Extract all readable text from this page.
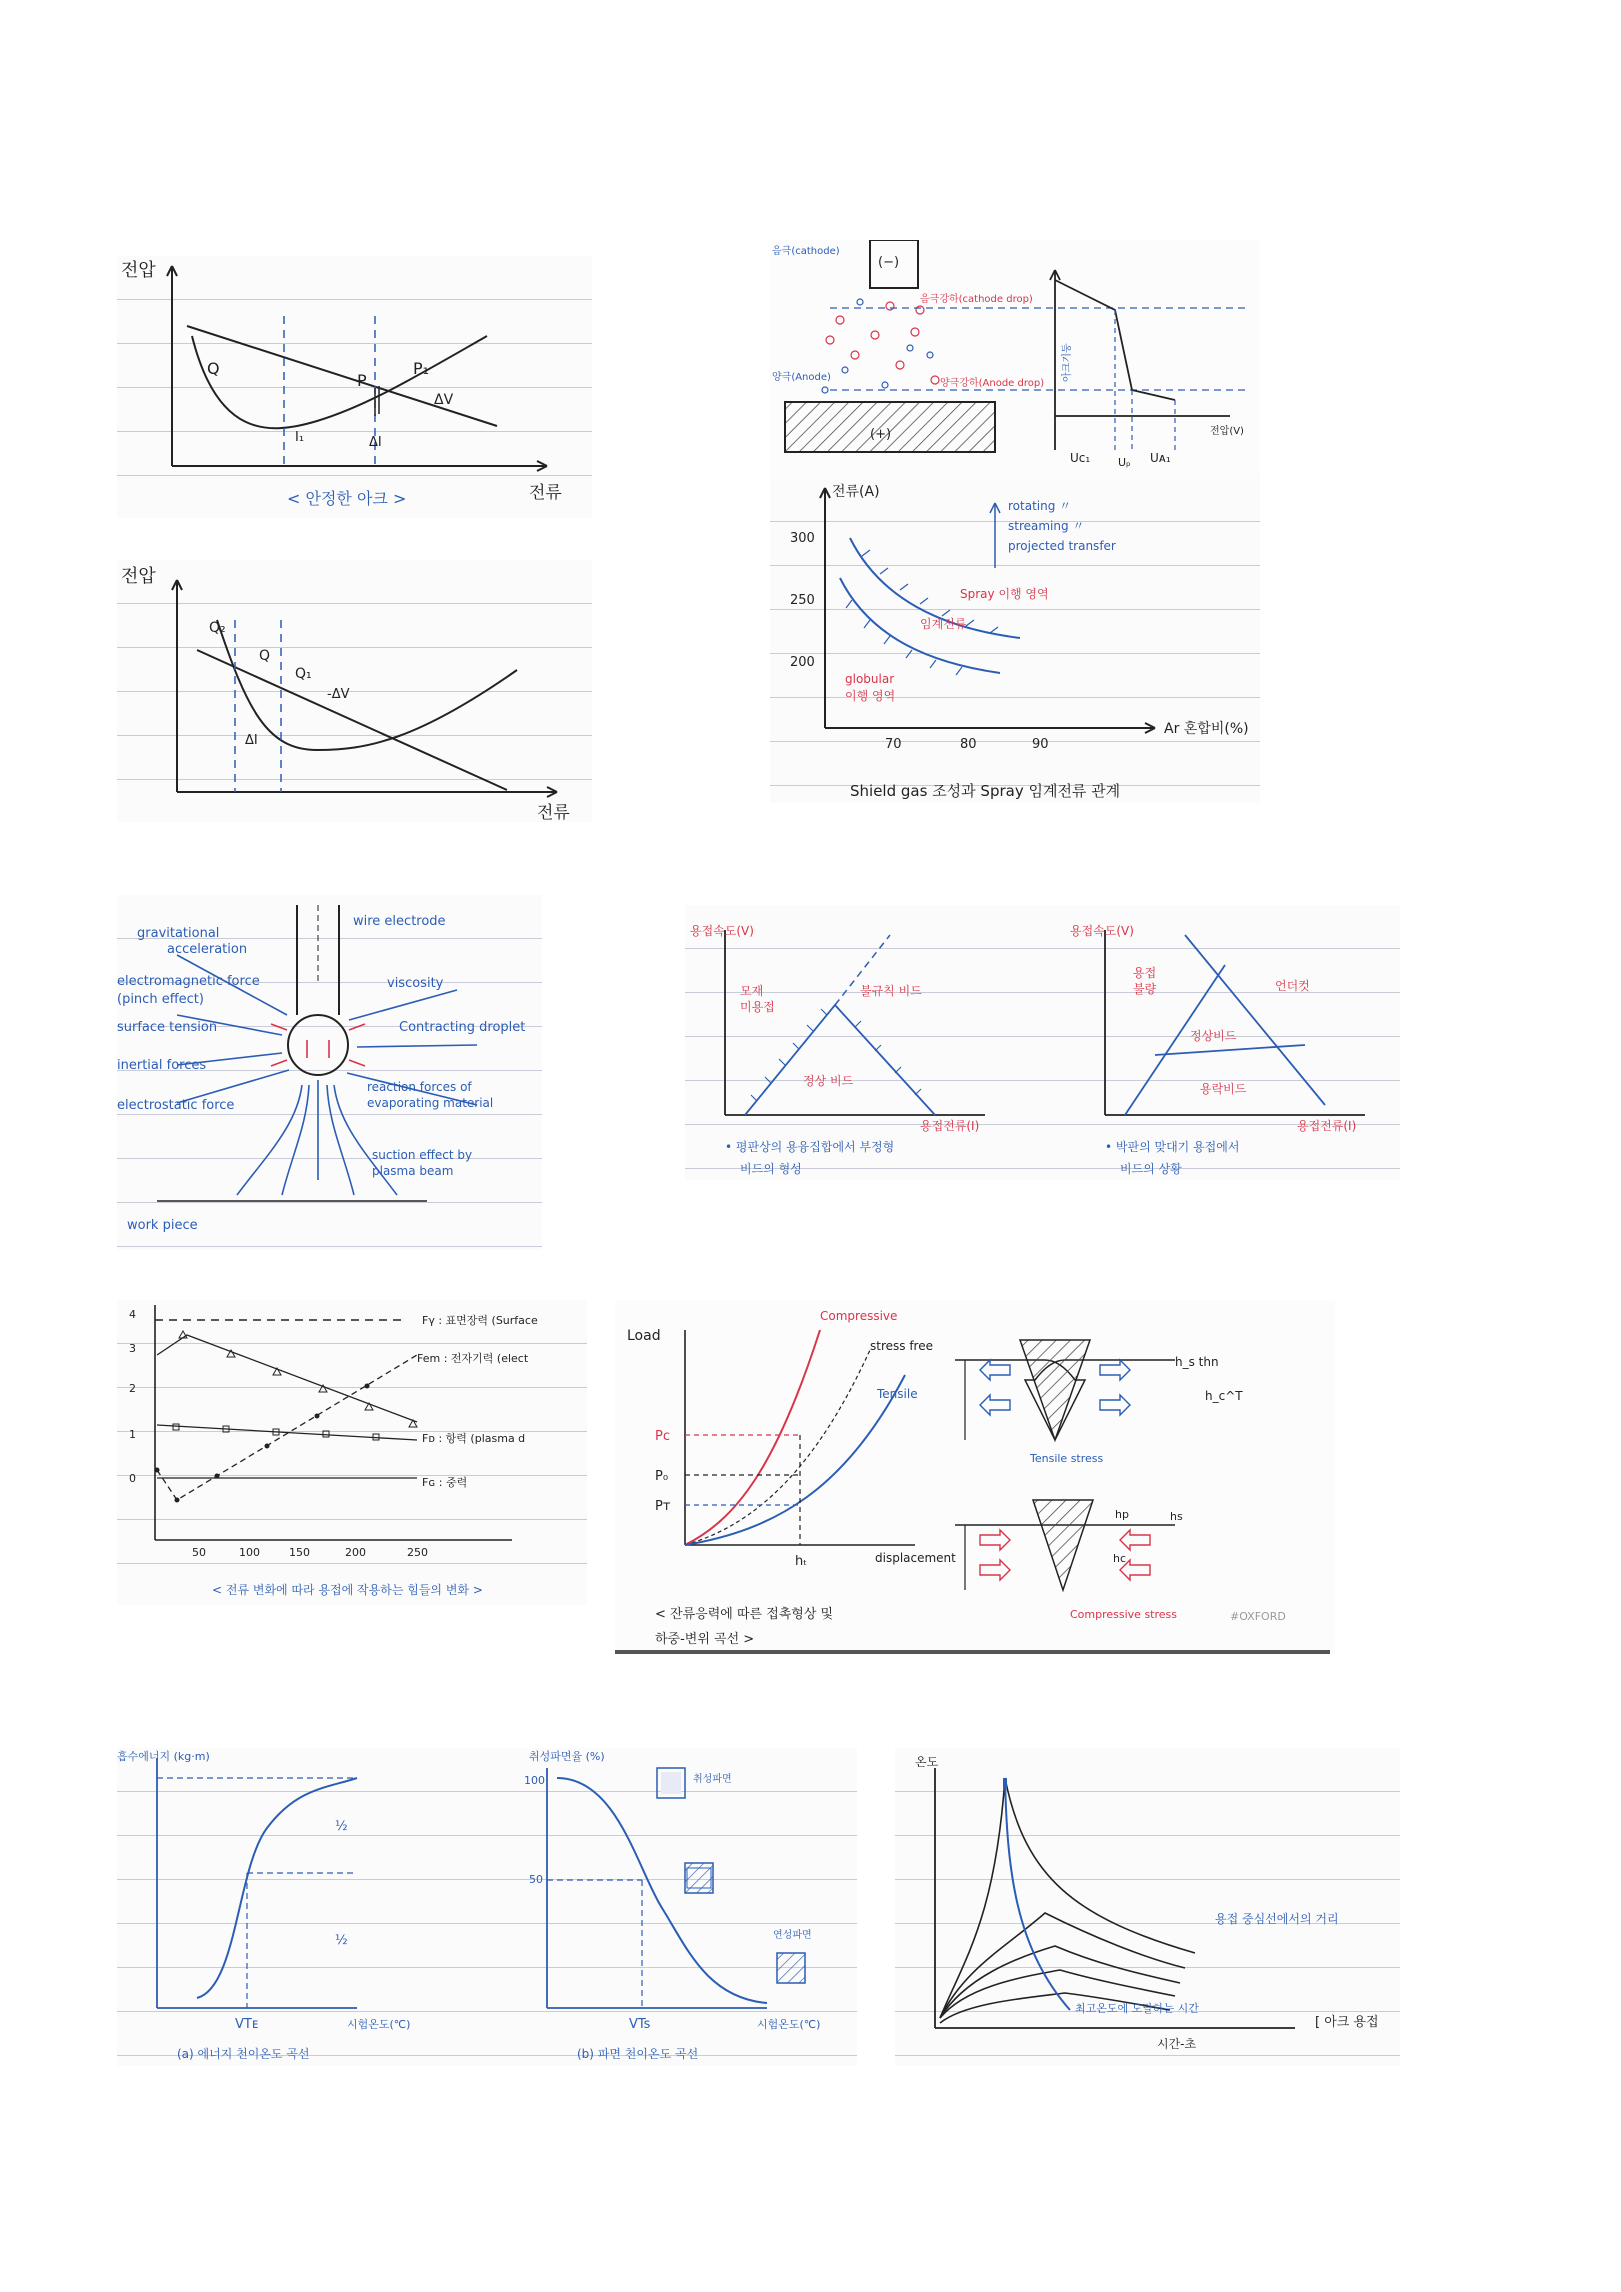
전압
Q
P
P₁
I₁
ΔV
ΔI
< 안정한 아크 >	전류
전압
Q₂
Q
Q₁
-ΔV
ΔI
전류
(−)
음극(cathode)
(+)
양극(Anode)
음극강하(cathode drop)
양극강하(Anode drop)
아크기둥
전압(V)
Uᴄ₁	Uₚ Uᴀ₁
전류(A)
300
250
200
70	80	90
Ar 혼합비(%)
rotating 〃
streaming 〃
projected transfer
Spray 이행 영역
임계전류
globular
이행 영역
Shield gas 조성과 Spray 임계전류 관계
wire electrode
gravitational
acceleration
electromagnetic force
(pinch effect)
viscosity
surface tension	Contracting droplet
inertial forces
reaction forces of
evaporating material
electrostatic force
suction effect by
plasma beam
work piece
용접속도(V)
모재
미용접
불규칙 비드
정상 비드
용접전류(I)
• 평판상의 용융집합에서 부정형
비드의 형성
용접속도(V)
용접
불량	언더컷
정상비드
용락비드
용접전류(I)
• 박판의 맞대기 용접에서
비드의 상황
4
3
2
1
0
50	100	150	200	250
Fγ : 표면장력 (Surface
Fem : 전자기력 (elect
Fᴅ : 항력 (plasma d
Fɢ : 중력
< 전류 변화에 따라 용접에 작용하는 힘들의 변화 >
Load
displacement
Compressive
stress free
Tensile
Pᴄ
P₀
Pᴛ
hₜ
h_s thn
h_c^T
Tensile stress
hp	hs
hc
Compressive stress	#OXFORD
< 잔류응력에 따른 접촉형상 및
하중-변위 곡선 >
흡수에너지 (kg·m)
½
½
VTᴇ	시험온도(℃)
(a) 에너지 천이온도 곡선
취성파면율 (%)
100
50
취성파면
연성파면
VTs	시험온도(℃)
(b) 파면 천이온도 곡선
온도
시간-초
용접 중심선에서의 거리
최고온도에 도달하는 시간
[ 아크 용접
